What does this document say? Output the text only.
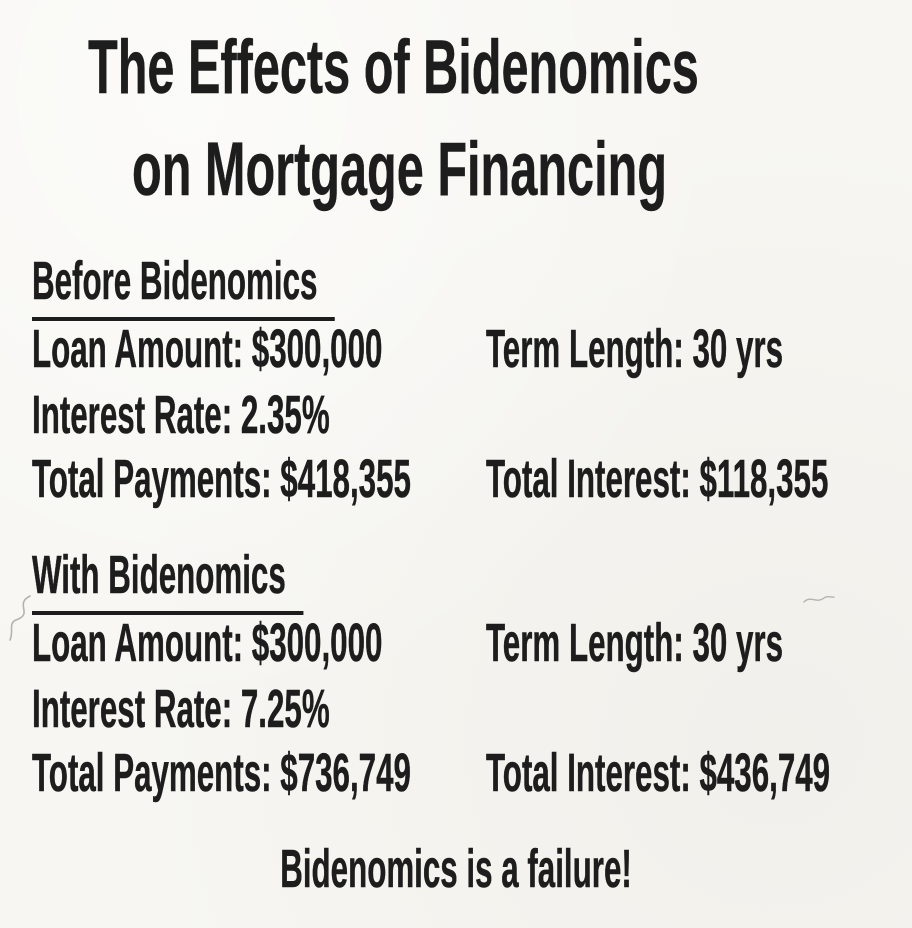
The Effects of Bidenomics
on Mortgage Financing
Before Bidenomics
Loan Amount: $300,000 Term Length: 30 yrs
Interest Rate: 2.35%
Total Payments: $418,355 Total Interest: $118,355
With Bidenomics
Loan Amount: $300,000 Term Length: 30 yrs
Interest Rate: 7.25%
Total Payments: $736,749 Total Interest: $436,749
Bidenomics is a failure!
